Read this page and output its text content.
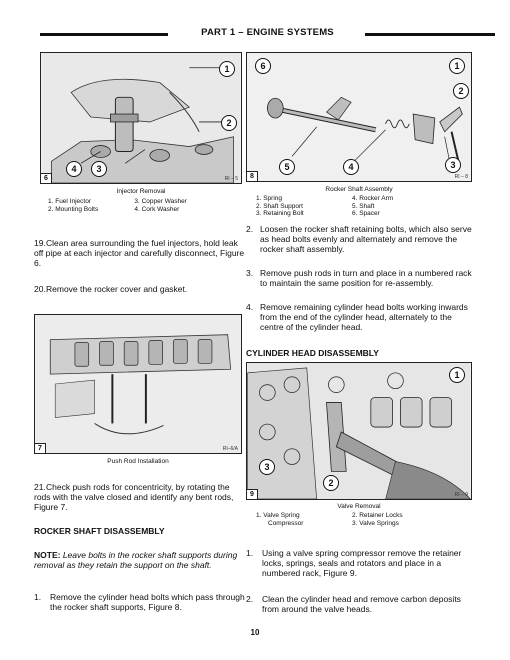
PART 1 – ENGINE SYSTEMS
1
2
3
4
6	RI – 5
Injector Removal
1. Fuel Injector	3. Copper Washer
2. Mounting Bolts	4. Cork Washer
19. Clean area surrounding the fuel injectors, hold leak off pipe at each injector and carefully disconnect, Figure 6.
20. Remove the rocker cover and gasket.
7	RI–6/A
Push Rod Installation
21. Check push rods for concentricity, by rotating the rods with the valve closed and identify any bent rods, Figure 7.
ROCKER SHAFT DISASSEMBLY
NOTE: Leave bolts in the rocker shaft supports during removal as they retain the support on the shaft.
1.	Remove the cylinder head bolts which pass through the rocker shaft supports, Figure 8.
6	1
2
5	4	3
8	RI – 8
Rocker Shaft Assembly
1. Spring	4. Rocker Arm
2. Shaft Support	5. Shaft
3. Retaining Bolt	6. Spacer
2. Loosen the rocker shaft retaining bolts, which also serve as head bolts evenly and alternately and remove the rocker shaft assembly.
3. Remove push rods in turn and place in a numbered rack to maintain the same position for re-assembly.
4. Remove remaining cylinder head bolts working inwards from the end of the cylinder head, alternately to the centre of the cylinder head.
CYLINDER HEAD DISASSEMBLY
1
3
2
9	RI – 9
Valve Removal
1. Valve Spring	2. Retainer Locks
Compressor	3. Valve Springs
1.	Using a valve spring compressor remove the retainer locks, springs, seals and rotators and place in a numbered rack, Figure 9.
2.	Clean the cylinder head and remove carbon deposits from around the valve heads.
10
